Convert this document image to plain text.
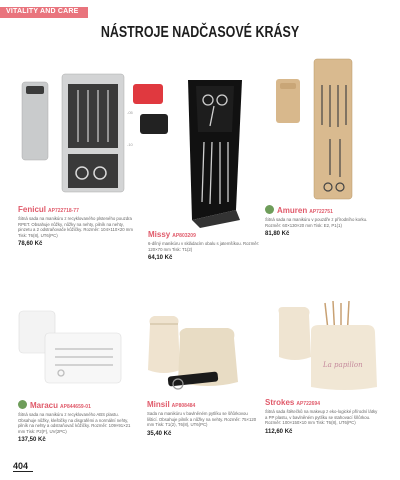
VITALITY AND CARE
NÁSTROJE NADČASOVÉ KRÁSY
Fenicul AP722718-77
Šitná sada na manikúru z recyklovaného plsteného pouzdra RPET. Obsahuje nůžky, nůžky na nehty, pilník na nehty, pinzetu a 2 odstraňovače kůžičky. Rozměr: 104×110×20 mm Tisk: T6(8), UT6(PC)
78,60 Kč
-05
-10
Missy AP803209
6-dílný manikúru v skládacím obalu s jatemšíkou. Rozměr: 120×70 mm Tisk: T1(2)
64,10 Kč
Amuren AP722751
Šitná sada na manikúru v pouzdře z přírodního korku. Rozměr: 60×130×20 mm Tisk: E2, P1(1)
81,80 Kč
Maracu AP844659-01
Šitná sada na manikúru z recyklovaného ABS plastu. Obsahuje nůžky, kleštičky na disgrafémi a normální nehty, pilník na nehty a odstraňovač kůžičky. Rozměr: 109×91×21 mm Tisk: P2(F), UV(2PC)
137,50 Kč
Minsil AP808484
Sada na manikúru v bavlněném pytlíku se šňůrkovou lišticí. Obsahuje pilník a nůžky na nehty. Rozměr: 75×120 mm Tisk: T1(2), T6(8), UT6(PC)
35,40 Kč
La papillon
Strokes AP722694
Šitná sada štětečků na makeup z eko-logické přírodní látky a PP plastu, v bavlněném pytlíku se stahovací šňůrkou. Rozměr: 100×150×10 mm Tisk: T6(8), UT6(PC)
112,60 Kč
404
